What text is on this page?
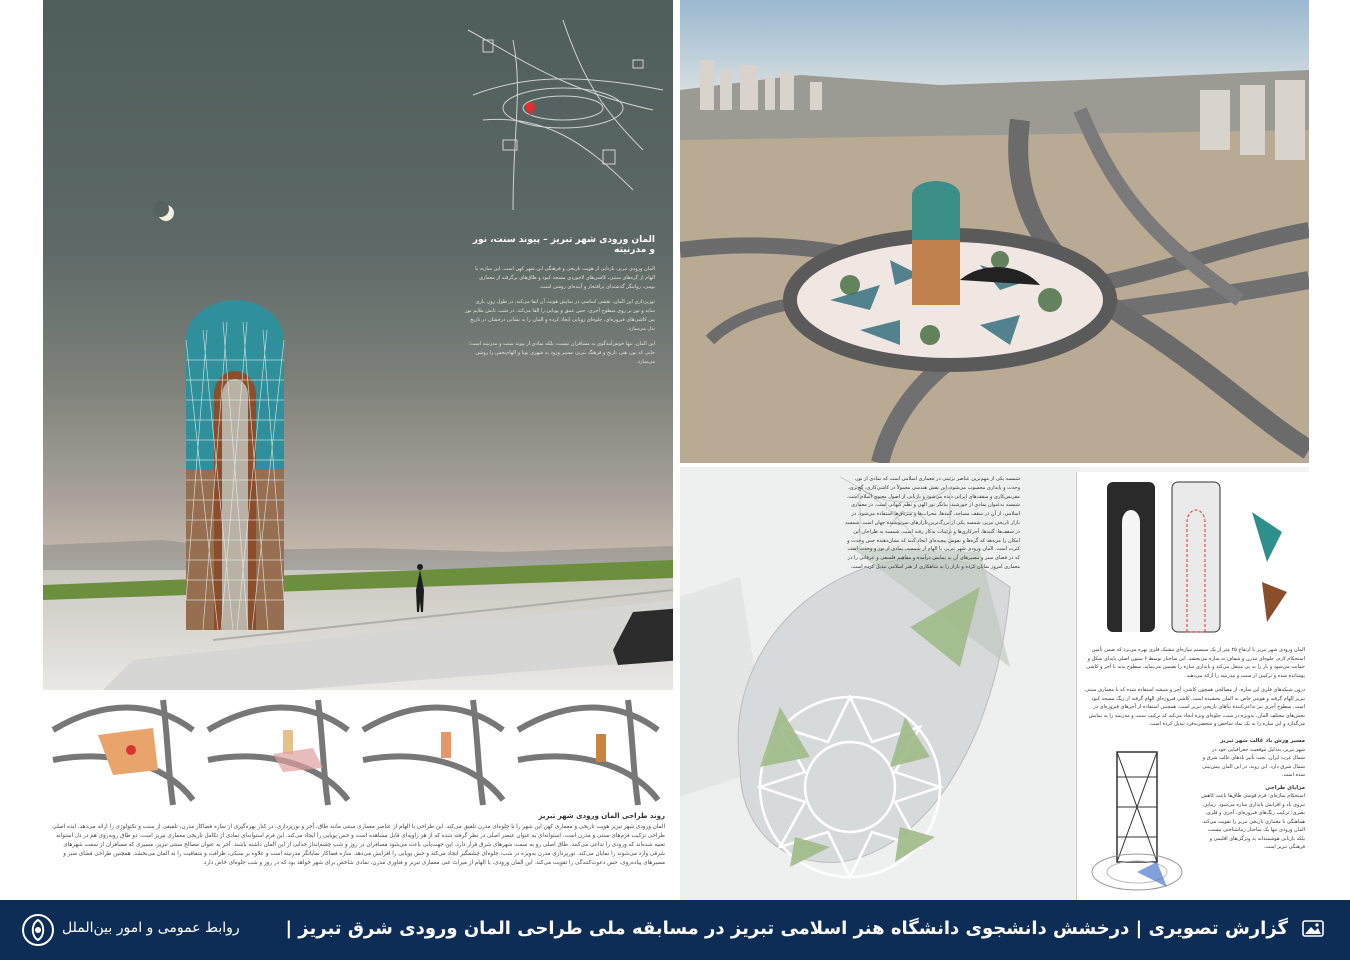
المان ورودی شهر تبریز – پیوند سنت، نور و مدرنیته

المان ورودی تبریز، بازتابی از هویت تاریخی و فرهنگی این شهر کهن است. این سازه، با الهام از گره‌های سنتی، کاشی‌های لاجوردی مسجد کبود و طاق‌های برگرفته از معماری بومی، روایتگر گذشته‌ای پرافتخار و آینده‌ای روشن است.

نورپردازی این المان، نقشی اساسی در نمایش هویت آن ایفا می‌کند. در طول روز، بازی سایه و نور بر روی سطوح آجری، حس عمق و پویایی را القا می‌کند. در شب، تابش ملایم نور بین کاشی‌های فیروزه‌ای، جلوه‌ای رویایی ایجاد کرده و المان را به نشانی درخشان در تاریخ بدل می‌سازد.

این المان، تنها خوش‌آمدگوی به مسافران نیست، بلکه نمادی از پیوند سنت و مدرنیته است؛ جایی که نور، هنر، تاریخ و فرهنگ تبریز، مسیر ورود به شهری پویا و الهام‌بخش را روشن می‌سازد.

روند طراحی المان ورودی شهر تبریز

المان ورودی شهر تبریز هویت تاریخی و معماری کهن این شهر را با جلوه‌ای مدرن تلفیق می‌کند. این طراحی با الهام از عناصر معماری سنتی مانند طاق، آجر و نورپردازی، در کنار بهره‌گیری از سازه فضاکار مدرن، تلفیقی از سنت و تکنولوژی را ارائه می‌دهد. ایده اصلی طراحی ترکیب فرم‌های سنتی و مدرن است. استوانه‌ای به عنوان عنصر اصلی در نظر گرفته شده که از هر زاویه‌ای قابل مشاهده است و حس پویایی را ایجاد می‌کند. این فرم استوانه‌ای نمادی از تکامل تاریخی معماری تبریز است. دو طاق روبه‌روی هم در دل استوانه تعبیه شده‌اند که ورودی را تداعی می‌کنند. طاق اصلی رو به سمت شهرهای شرق قرار دارد. این جهت‌یابی باعث می‌شود مسافران در روز و شب چشم‌انداز جذابی از این المان داشته باشند. آجر به عنوان مصالح سنتی تبریز، مسیری که مسافران از سمت شهرهای شرقی وارد می‌شوند را نمایان می‌کند. نورپردازی مدرن به‌ویژه در شب، جلوه‌ای چشمگیر ایجاد می‌کند و حس پویایی را افزایش می‌دهد. سازه فضاکار نمایانگر مدرنیته است و علاوه بر سبکی، ظرافت و شفافیت را به المان می‌بخشد. همچنین طراحی فضای سبز و مسیرهای پیاده‌روی، حس دعوت‌کنندگی را تقویت می‌کند. این المان ورودی، با الهام از میراث غنی معماری تبریز و فناوری مدرن، نمادی شاخص برای شهر خواهد بود که در روز و شب جلوه‌ای خاص دارد.

شمسه یکی از مهم‌ترین عناصر تزئینی در معماری اسلامی است که نمادی از نور، وحدت و پایداری محسوب می‌شود. این نقش هندسی معمولاً در کاشی‌کاری، گچ‌بری، مقرنس‌کاری و سقف‌های ایرانی دیده می‌شود و بازتابی از اصول معنوی اسلام است. شمسه به‌عنوان نمادی از خورشید، بیانگر نور الهی و نظم کیهانی است. در معماری اسلامی، از آن در سقف مساجد، گنبدها، محراب‌ها و سرتاق‌ها استفاده می‌شود. در بازار تاریخی تبریز، شمسه یکی از بزرگ‌ترین بازارهای سرپوشیده جهان است. شمسه در سقف‌ها، گنبدها، آجرکاری‌ها و تزئینات به‌کار رفته است. شمسه به طراحان این امکان را می‌دهد که گره‌ها و نقوش پیچیده‌ای ایجاد کنند که نشان‌دهنده حس وحدت و کثرت است. المان ورودی شهر تبریز، با الهام از شمسه، نمادی از نور و وحدت است که در فضای سبز و مسیرهای آن به نمایش درآمده و مفاهیم فلسفی و عرفانی را در معماری امروز نمایان کرده و بازار را به شاهکاری از هنر اسلامی تبدیل کرده است.

المان ورودی شهر تبریز با ارتفاع ۲۵ متر از یک سیستم سازه‌ای مشبک فلزی بهره می‌برد که ضمن تأمین استحکام لازم، جلوه‌ای مدرن و شفاف به سازه می‌بخشد. این ساختار توسط ۶ ستون اصلی پایه‌ای شکل و حمایت می‌شود و بار را به پی منتقل می‌کند و پایداری سازه را تضمین می‌نماید. سطوح بدنه با آجر و کاشی پوشانده شده و ترکیبی از سنت و مدرنیته را ارائه می‌دهند.

درون شبکه‌های فلزی این سازه، از مصالحی همچون کاشی، آجر و شیشه استفاده شده که با معماری سنتی تبریز الهام گرفته و هویتی خاص به المان بخشیده است. کاشی فیروزه‌ای الهام گرفته از رنگ مسجد کبود است. سطوح آجری نیز تداعی‌کننده بناهای تاریخی تبریز است. همچنین استفاده از آجرهای فیروزه‌ای در بخش‌های مختلف المان، به‌ویژه در شب، جلوه‌ای ویژه ایجاد می‌کند که ترکیب سنت و مدرنیته را به نمایش می‌گذارد و این سازه را به یک نماد شاخص و منحصر‌به‌فرد تبدیل کرده است.

مسیر وزش باد غالب شهر تبریز

شهر تبریز، به‌دلیل موقعیت جغرافیایی خود در شمال غرب ایران، تحت تأثیر بادهای غالب شرق و شمال شرق دارد. این روند، در این المان پیش‌بینی شده است.

مزایای طراحی

استحکام سازه‌ای: فرم قوسی طاق‌ها باعث کاهش نیروی باد و افزایش پایداری سازه می‌شود. زیبایی بصری: ترکیب رنگ‌های فیروزه‌ای، آجری و فلزی، هماهنگی با معماری تاریخی تبریز را تقویت می‌کند. المان ورودی تنها یک ساختار زیباشناختی نیست، بلکه بازتابی هوشمندانه به ویژگی‌های اقلیمی و فرهنگی تبریز است.

روابط عمومی و امور بین‌الملل	گزارش تصویری | درخشش دانشجوی دانشگاه هنر اسلامی تبریز در مسابقه ملی طراحی المان ورودی شرق تبریز |
